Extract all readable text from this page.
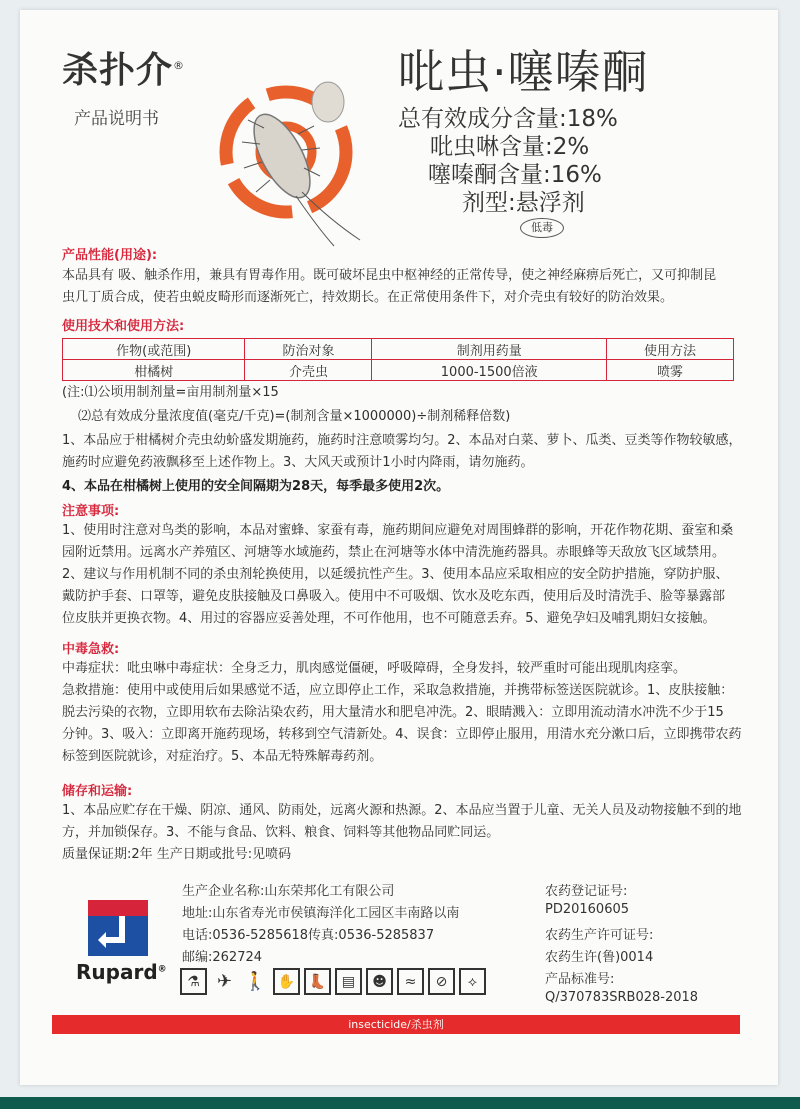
杀扑介®
产品说明书
吡虫·噻嗪酮
总有效成分含量:18%
吡虫啉含量:2%
噻嗪酮含量:16%
剂型:悬浮剂
低毒
产品性能(用途):
本品具有 吸、触杀作用，兼具有胃毒作用。既可破坏昆虫中枢神经的正常传导，使之神经麻痹后死亡，又可抑制昆
虫几丁质合成，使若虫蜕皮畸形而逐渐死亡，持效期长。在正常使用条件下，对介壳虫有较好的防治效果。
使用技术和使用方法:
作物(或范围)	防治对象	制剂用药量	使用方法
柑橘树	介壳虫	1000-1500倍液	喷雾
(注:⑴公顷用制剂量=亩用制剂量×15
⑵总有效成分量浓度值(毫克/千克)=(制剂含量×1000000)÷制剂稀释倍数)
1、本品应于柑橘树介壳虫幼蚧盛发期施药，施药时注意喷雾均匀。2、本品对白菜、萝卜、瓜类、豆类等作物较敏感，
施药时应避免药液飘移至上述作物上。3、大风天或预计1小时内降雨，请勿施药。
4、本品在柑橘树上使用的安全间隔期为28天，每季最多使用2次。
注意事项:
1、使用时注意对鸟类的影响，本品对蜜蜂、家蚕有毒，施药期间应避免对周围蜂群的影响，开花作物花期、蚕室和桑
园附近禁用。远离水产养殖区、河塘等水域施药，禁止在河塘等水体中清洗施药器具。赤眼蜂等天敌放飞区域禁用。
2、建议与作用机制不同的杀虫剂轮换使用，以延缓抗性产生。3、使用本品应采取相应的安全防护措施，穿防护服、
戴防护手套、口罩等，避免皮肤接触及口鼻吸入。使用中不可吸烟、饮水及吃东西，使用后及时清洗手、脸等暴露部
位皮肤并更换衣物。4、用过的容器应妥善处理，不可作他用，也不可随意丢弃。5、避免孕妇及哺乳期妇女接触。
中毒急救:
中毒症状：吡虫啉中毒症状：全身乏力，肌肉感觉僵硬，呼吸障碍，全身发抖，较严重时可能出现肌肉痉挛。
急救措施：使用中或使用后如果感觉不适，应立即停止工作，采取急救措施，并携带标签送医院就诊。1、皮肤接触：
脱去污染的衣物，立即用软布去除沾染农药，用大量清水和肥皂冲洗。2、眼睛溅入：立即用流动清水冲洗不少于15
分钟。3、吸入：立即离开施药现场，转移到空气清新处。4、误食：立即停止服用，用清水充分漱口后，立即携带农药
标签到医院就诊，对症治疗。5、本品无特殊解毒药剂。
储存和运输:
1、本品应贮存在干燥、阴凉、通风、防雨处，远离火源和热源。2、本品应当置于儿童、无关人员及动物接触不到的地
方，并加锁保存。3、不能与食品、饮料、粮食、饲料等其他物品同贮同运。
质量保证期:2年 生产日期或批号:见喷码
生产企业名称:山东荣邦化工有限公司
地址:山东省寿光市侯镇海洋化工园区丰南路以南
电话:0536-5285618传真:0536-5285837
邮编:262724
农药登记证号:
PD20160605
农药生产许可证号:
农药生许(鲁)0014
产品标准号:
Q/370783SRB028-2018
Rupard®
⚗ ✈ 🚶 ✋ 👢	▤	☻	≈	⊘	⟡
insecticide/杀虫剂
